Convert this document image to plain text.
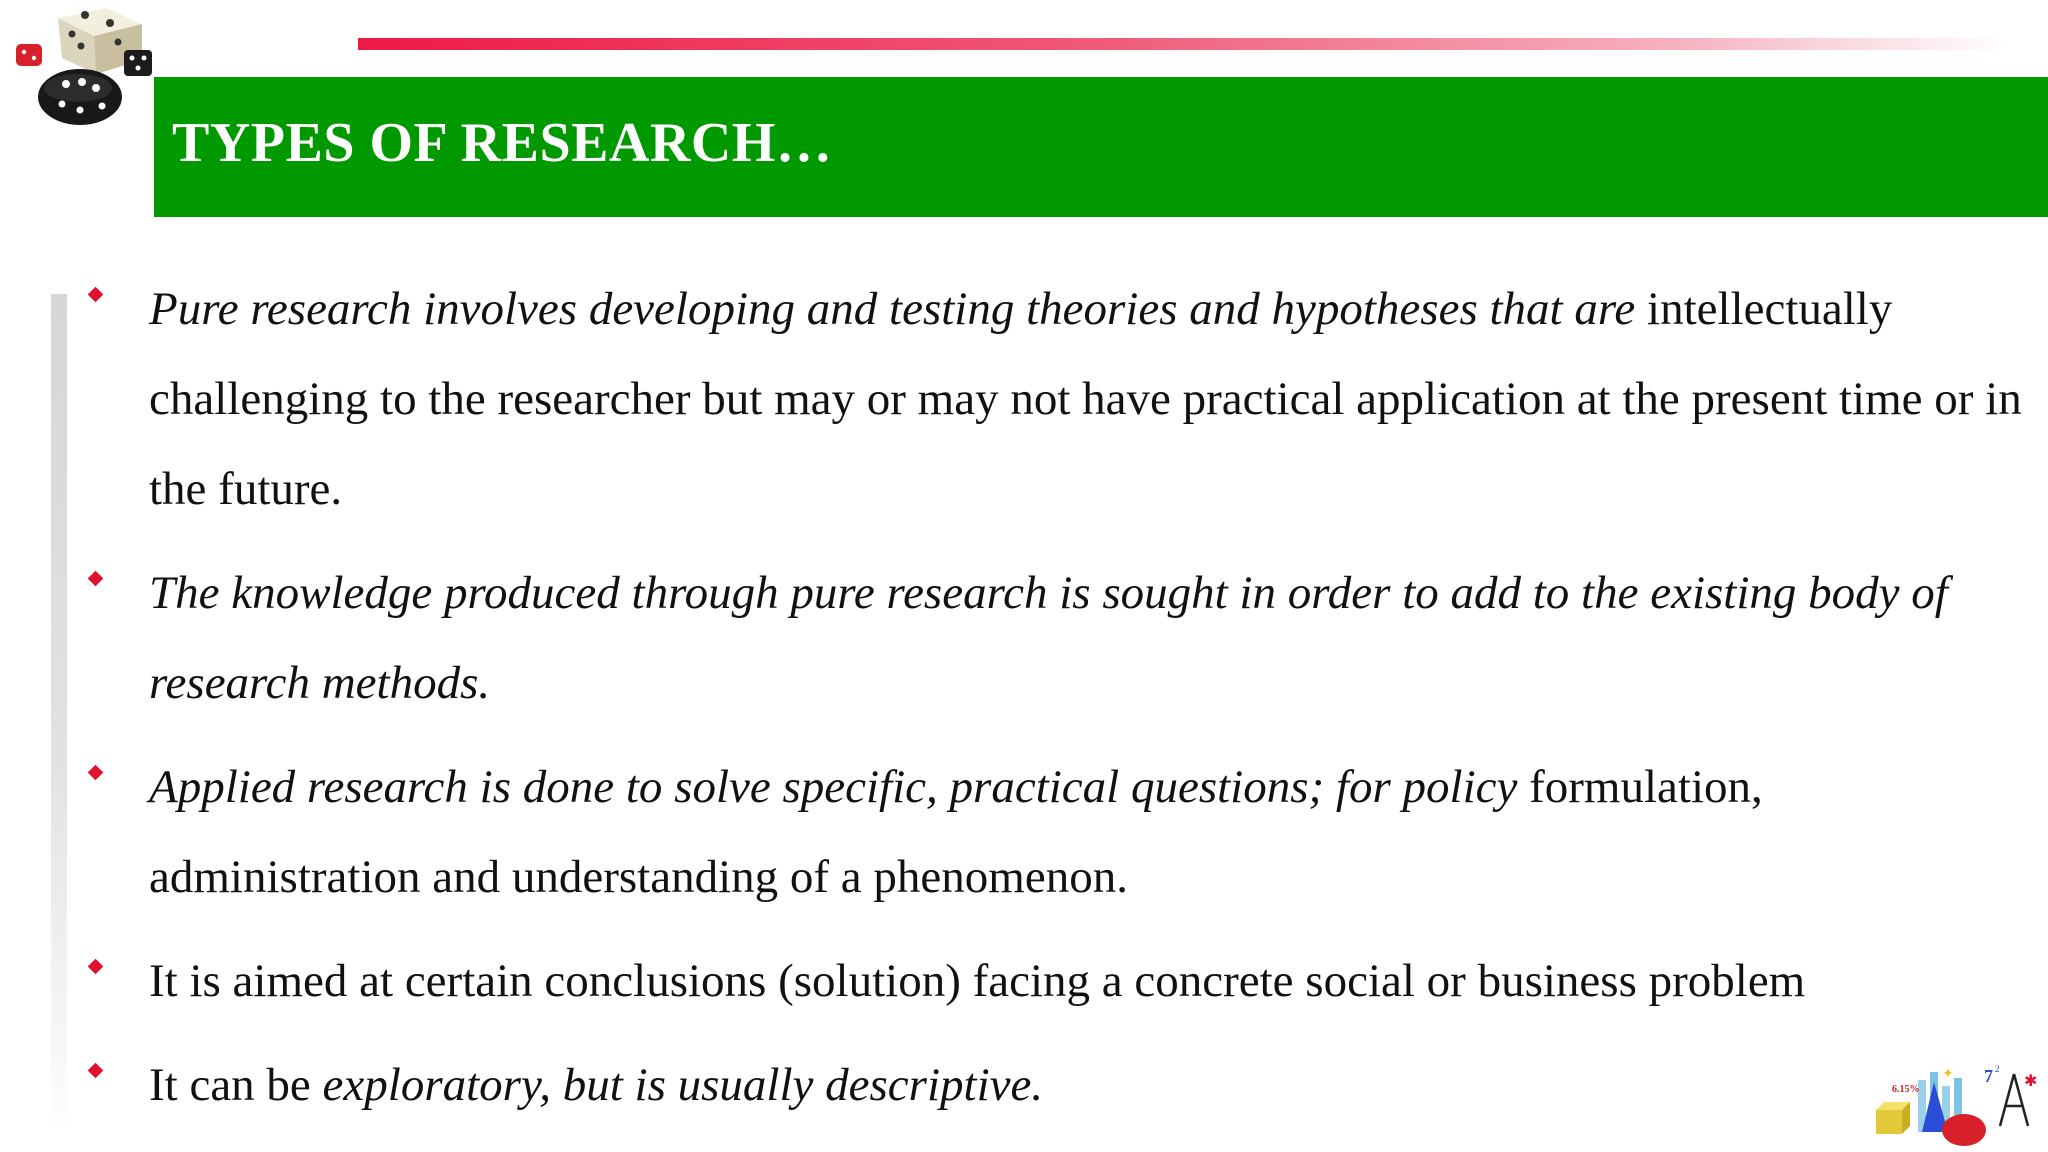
TYPES OF RESEARCH…
Pure research involves developing and testing theories and hypotheses that are intellectually challenging to the researcher but may or may not have practical application at the present time or in the future.
The knowledge produced through pure research is sought in order to add to the existing body of research methods.
Applied research is done to solve specific, practical questions; for policy formulation, administration and understanding of a phenomenon.
It is aimed at certain conclusions (solution) facing a concrete social or business problem
It can be exploratory, but is usually descriptive.	6.15%
7 2
✦	✱
